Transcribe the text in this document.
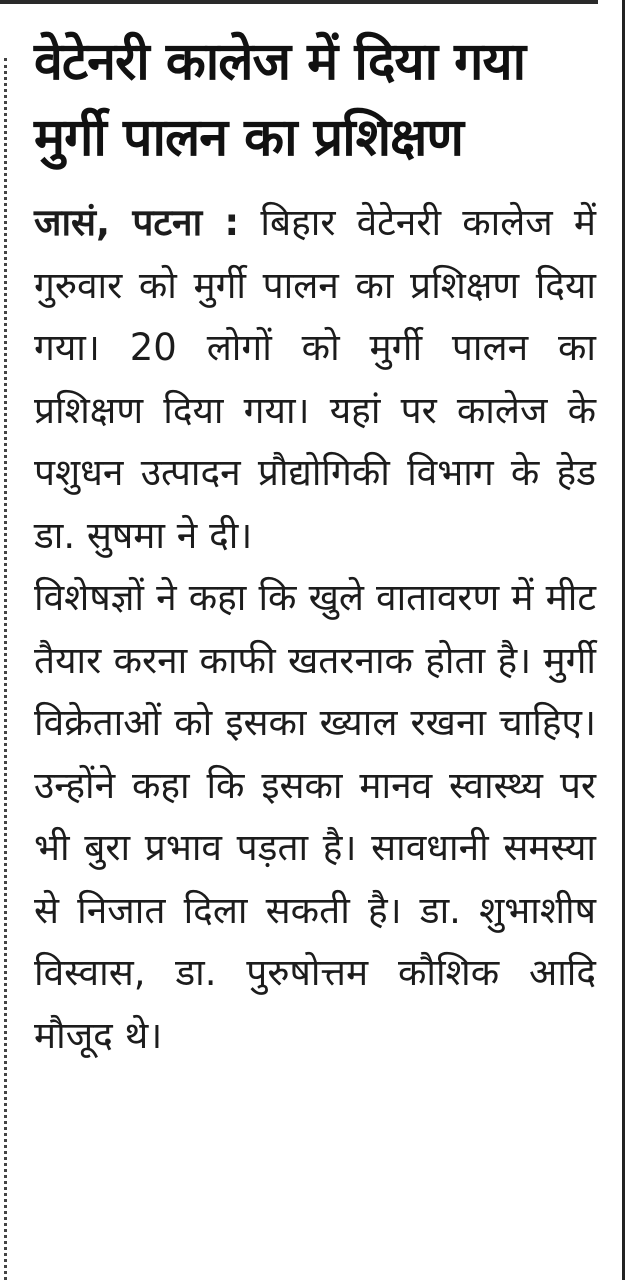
वेटेनरी कालेज में दिया गया
मुर्गी पालन का प्रशिक्षण

जासं, पटना : बिहार वेटेनरी कालेज में गुरुवार को मुर्गी पालन का प्रशिक्षण दिया गया। 20 लोगों को मुर्गी पालन का प्रशिक्षण दिया गया। यहां पर कालेज के पशुधन उत्पादन प्रौद्योगिकी विभाग के हेड डा. सुषमा ने दी।

विशेषज्ञों ने कहा कि खुले वातावरण में मीट तैयार करना काफी खतरनाक होता है। मुर्गी विक्रेताओं को इसका ख्याल रखना चाहिए। उन्होंने कहा कि इसका मानव स्वास्थ्य पर भी बुरा प्रभाव पड़ता है। सावधानी समस्या से निजात दिला सकती है। डा. शुभाशीष विस्वास, डा. पुरुषोत्तम कौशिक आदि मौजूद थे।
